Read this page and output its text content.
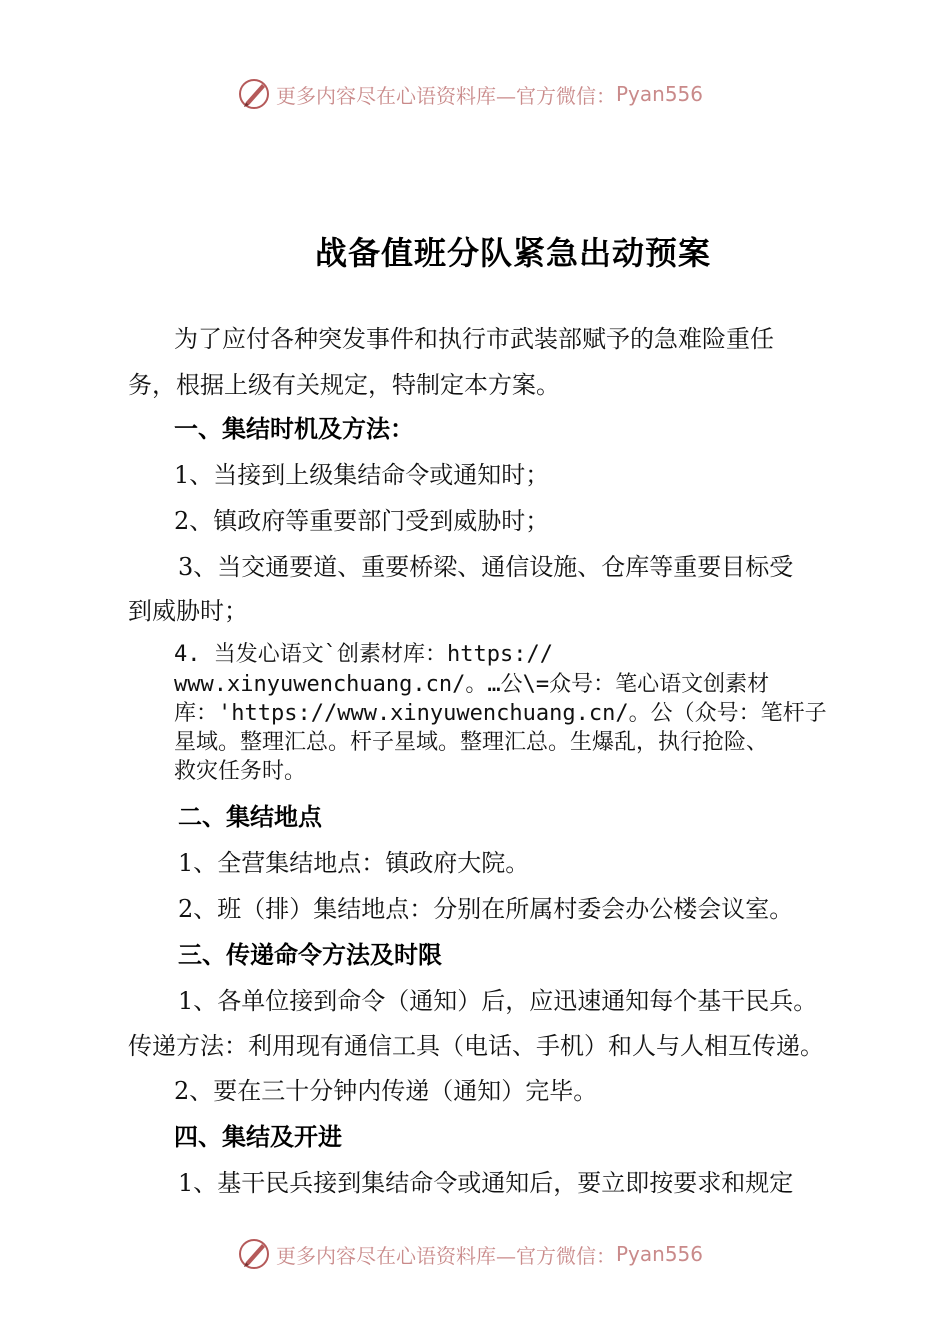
更多内容尽在心语资料库—官方微信： Pyan556
战备值班分队紧急出动预案
为了应付各种突发事件和执行市武装部赋予的急难险重任
务，根据上级有关规定，特制定本方案。
一、集结时机及方法：
1、当接到上级集结命令或通知时；
2、镇政府等重要部门受到威胁时；
3、当交通要道、重要桥梁、通信设施、仓库等重要目标受
到威胁时；
4. 当发心语文`创素材库：https://
www.xinyuwenchuang.cn/。…公\=众号：笔心语文创素材
库：'https://www.xinyuwenchuang.cn/。公（众号：笔杆子
星域。整理汇总。杆子星域。整理汇总。生爆乱，执行抢险、
救灾任务时。
二、集结地点
1、全营集结地点：镇政府大院。
2、班（排）集结地点：分别在所属村委会办公楼会议室。
三、传递命令方法及时限
1、各单位接到命令（通知）后，应迅速通知每个基干民兵。
传递方法：利用现有通信工具（电话、手机）和人与人相互传递。
2、要在三十分钟内传递（通知）完毕。
四、集结及开进
1、基干民兵接到集结命令或通知后，要立即按要求和规定
更多内容尽在心语资料库—官方微信： Pyan556
